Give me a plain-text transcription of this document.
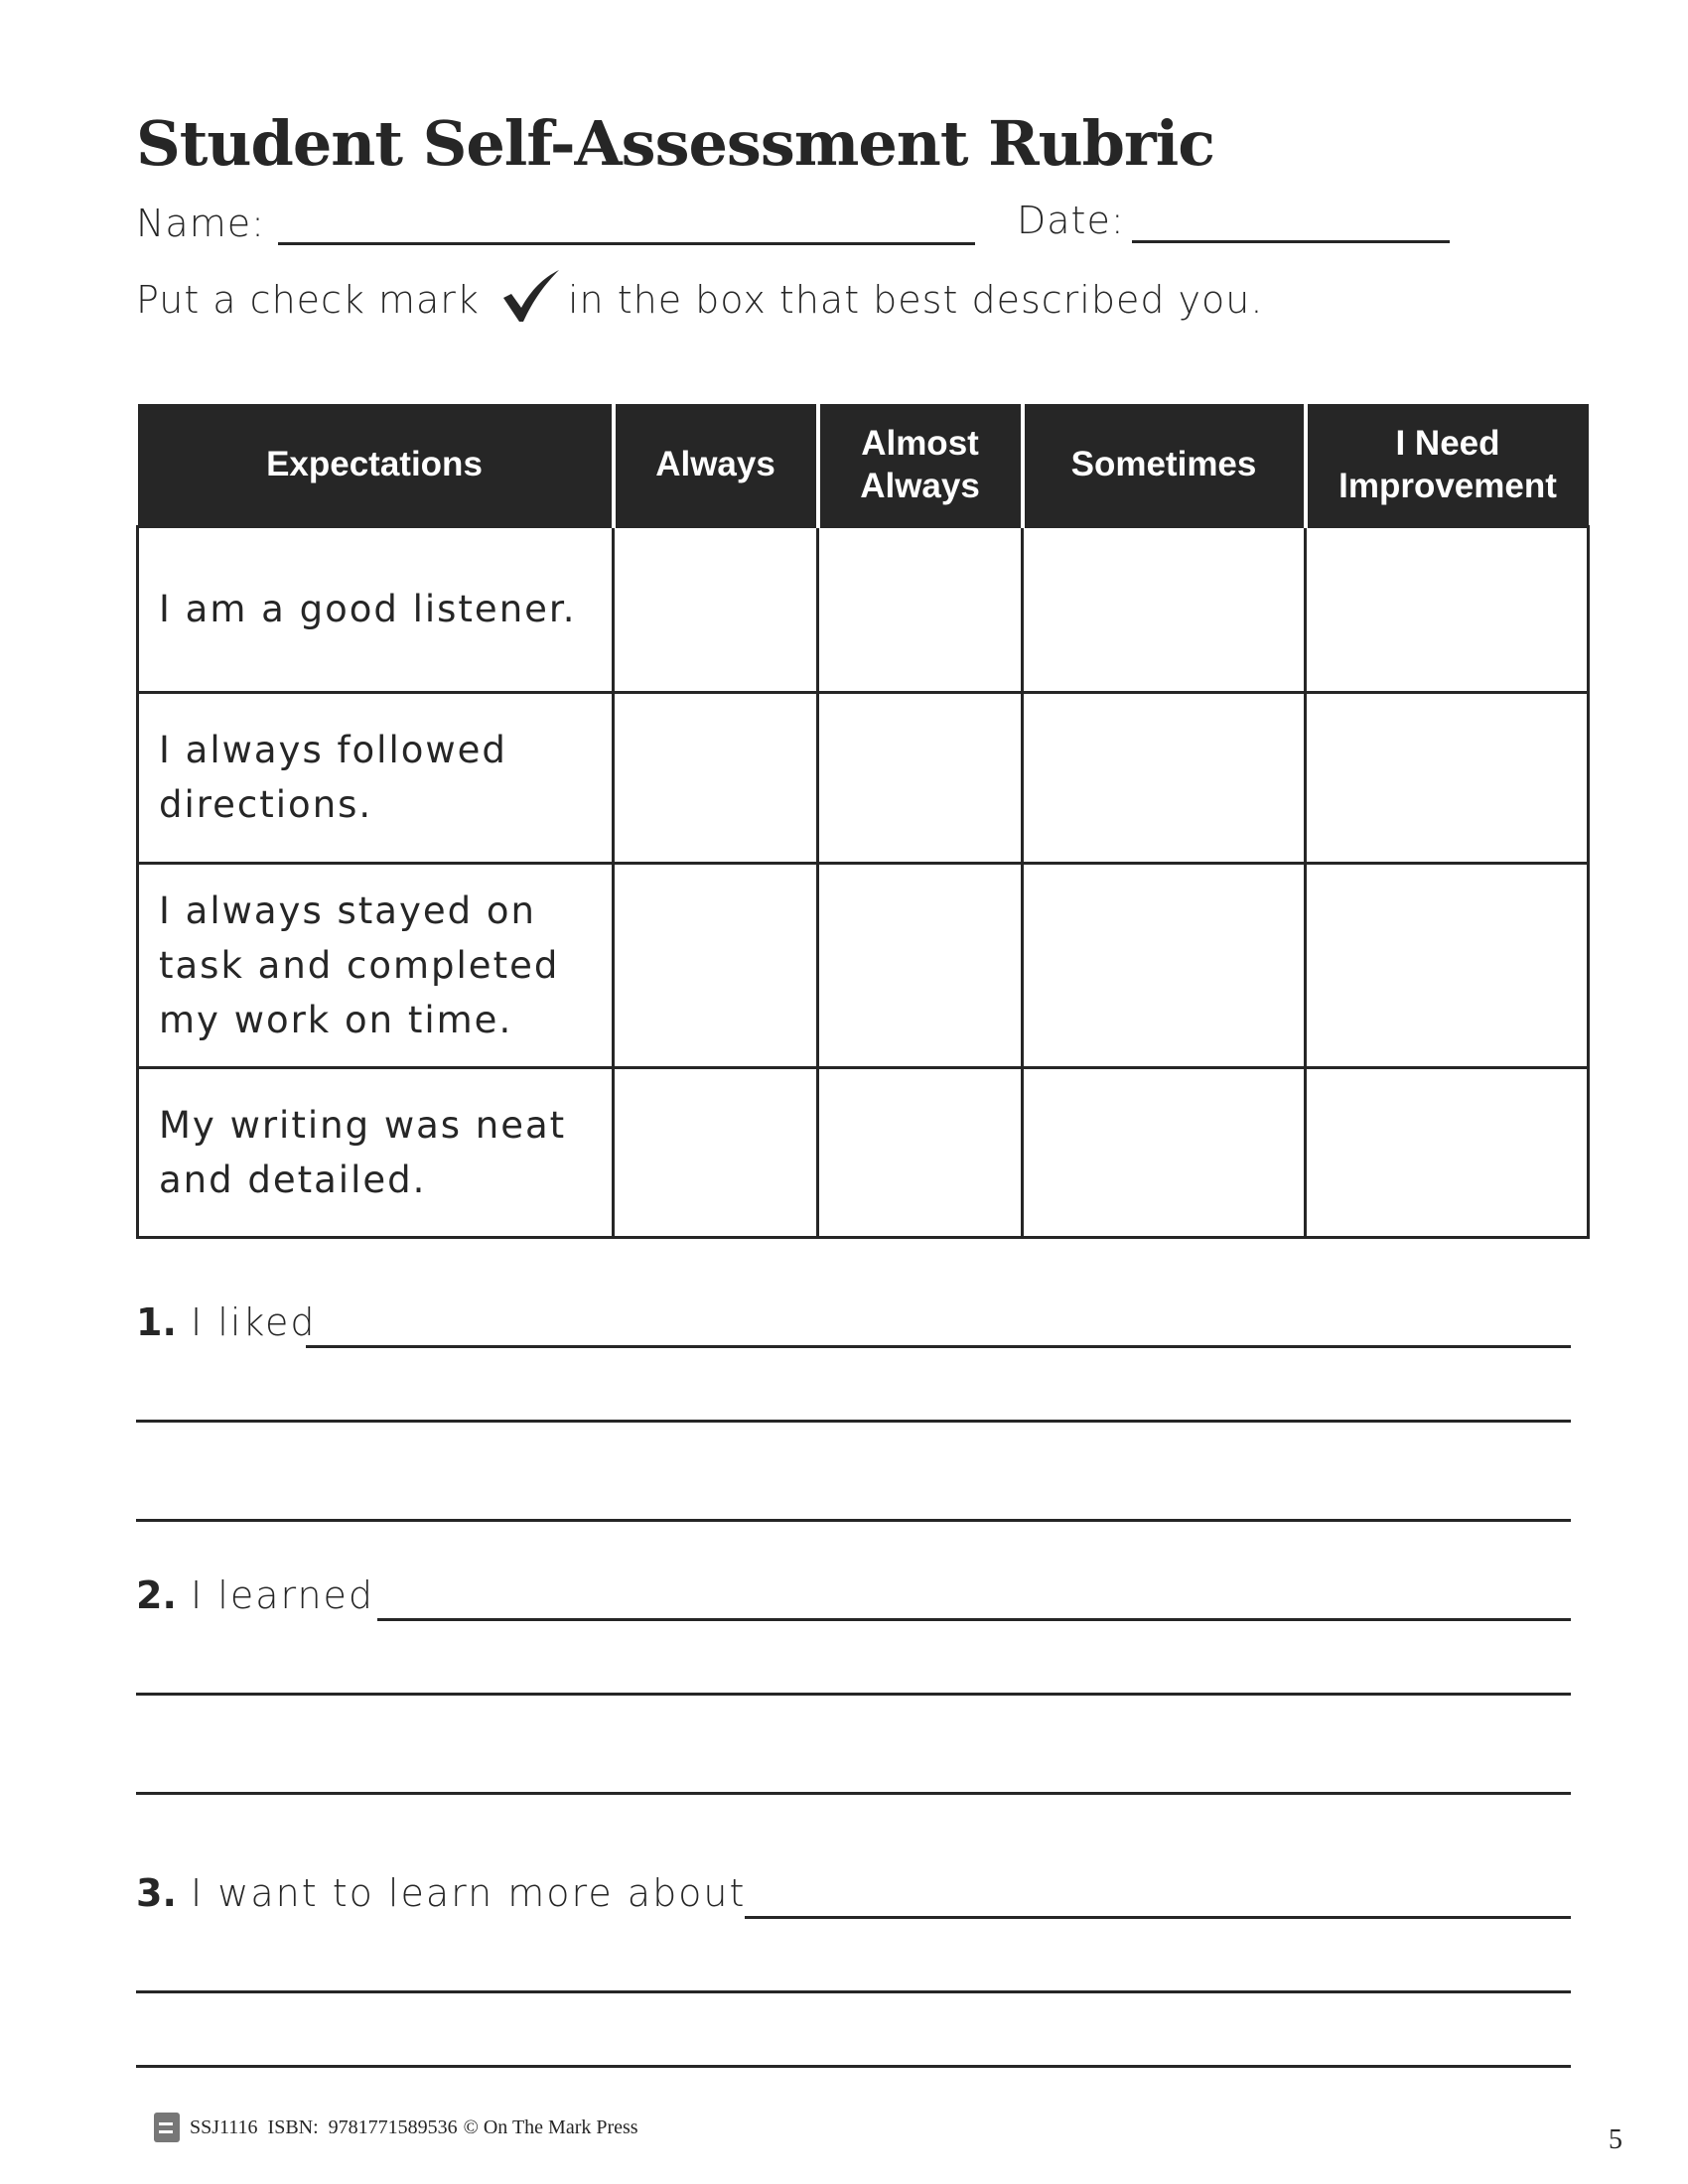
Student Self-Assessment Rubric
Name:	Date:
Put a check mark in the box that best described you.
Expectations	Always	Almost Always	Sometimes	I Need Improvement
I am a good listener.				
I always followed directions.				
I always stayed on task and completed my work on time.				
My writing was neat and detailed.				
1. I liked
2. I learned
3. I want to learn more about
SSJ1116 ISBN: 9781771589536 © On The Mark Press	5
